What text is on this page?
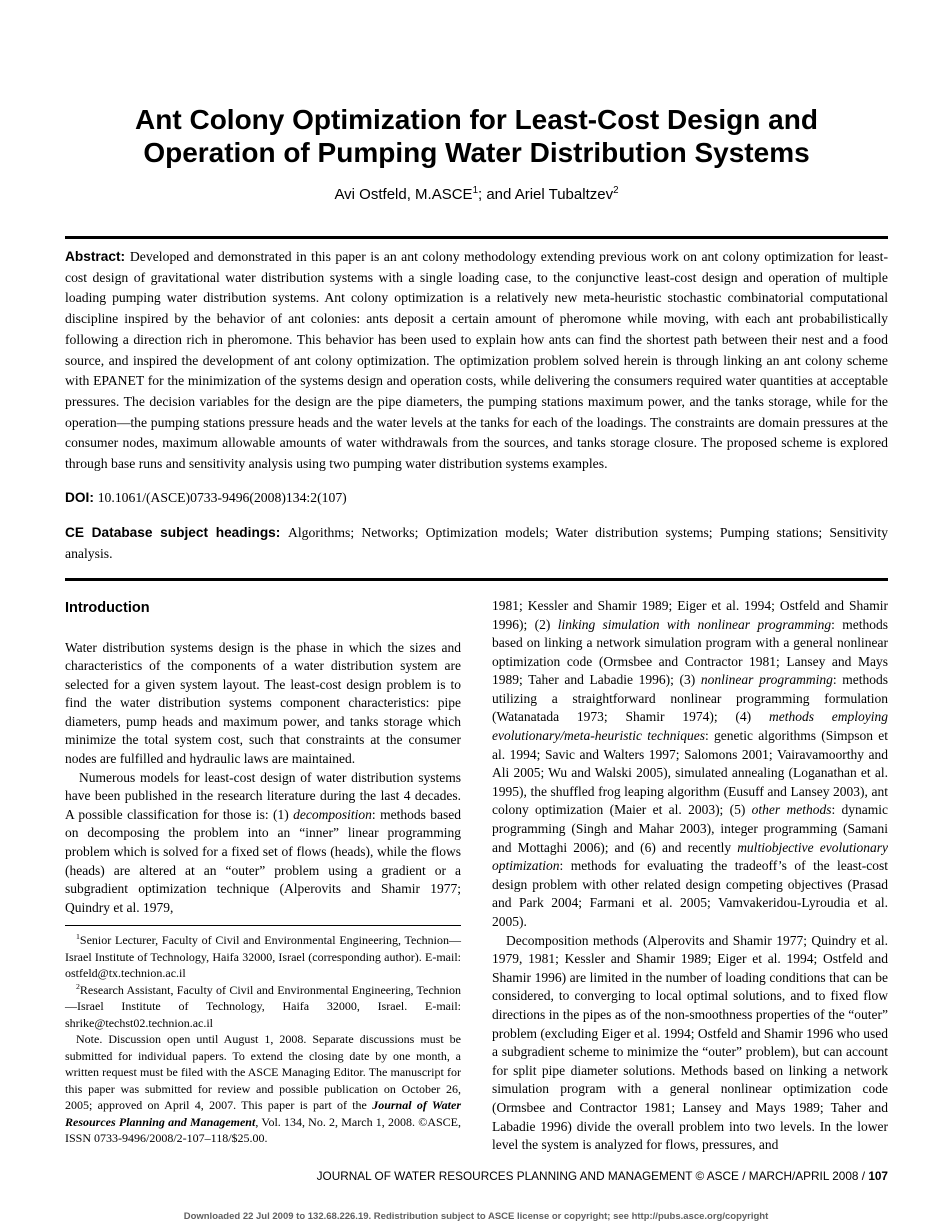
Ant Colony Optimization for Least-Cost Design and Operation of Pumping Water Distribution Systems
Avi Ostfeld, M.ASCE$^1$; and Ariel Tubaltzev$^2$

Abstract: Developed and demonstrated in this paper is an ant colony methodology extending previous work on ant colony optimization for least-cost design of gravitational water distribution systems with a single loading case, to the conjunctive least-cost design and operation of multiple loading pumping water distribution systems. Ant colony optimization is a relatively new meta-heuristic stochastic combinatorial computational discipline inspired by the behavior of ant colonies: ants deposit a certain amount of pheromone while moving, with each ant probabilistically following a direction rich in pheromone. This behavior has been used to explain how ants can find the shortest path between their nest and a food source, and inspired the development of ant colony optimization. The optimization problem solved herein is through linking an ant colony scheme with EPANET for the minimization of the systems design and operation costs, while delivering the consumers required water quantities at acceptable pressures. The decision variables for the design are the pipe diameters, the pumping stations maximum power, and the tanks storage, while for the operation—the pumping stations pressure heads and the water levels at the tanks for each of the loadings. The constraints are domain pressures at the consumer nodes, maximum allowable amounts of water withdrawals from the sources, and tanks storage closure. The proposed scheme is explored through base runs and sensitivity analysis using two pumping water distribution systems examples.

DOI: 10.1061/(ASCE)0733-9496(2008)134:2(107)

CE Database subject headings: Algorithms; Networks; Optimization models; Water distribution systems; Pumping stations; Sensitivity analysis.

Introduction

Water distribution systems design is the phase in which the sizes and characteristics of the components of a water distribution system are selected for a given system layout. The least-cost design problem is to find the water distribution systems component characteristics: pipe diameters, pump heads and maximum power, and tanks storage which minimize the total system cost, such that constraints at the consumer nodes are fulfilled and hydraulic laws are maintained.

Numerous models for least-cost design of water distribution systems have been published in the research literature during the last 4 decades. A possible classification for those is: (1) decomposition: methods based on decomposing the problem into an “inner” linear programming problem which is solved for a fixed set of flows (heads), while the flows (heads) are altered at an “outer” problem using a gradient or a subgradient optimization technique (Alperovits and Shamir 1977; Quindry et al. 1979,

$^1$Senior Lecturer, Faculty of Civil and Environmental Engineering, Technion—Israel Institute of Technology, Haifa 32000, Israel (corresponding author). E-mail: ostfeld@tx.technion.ac.il

$^2$Research Assistant, Faculty of Civil and Environmental Engineering, Technion—Israel Institute of Technology, Haifa 32000, Israel. E-mail: shrike@techst02.technion.ac.il

Note. Discussion open until August 1, 2008. Separate discussions must be submitted for individual papers. To extend the closing date by one month, a written request must be filed with the ASCE Managing Editor. The manuscript for this paper was submitted for review and possible publication on October 26, 2005; approved on April 4, 2007. This paper is part of the Journal of Water Resources Planning and Management, Vol. 134, No. 2, March 1, 2008. ©ASCE, ISSN 0733-9496/2008/2-107–118/$25.00.

1981; Kessler and Shamir 1989; Eiger et al. 1994; Ostfeld and Shamir 1996); (2) linking simulation with nonlinear programming: methods based on linking a network simulation program with a general nonlinear optimization code (Ormsbee and Contractor 1981; Lansey and Mays 1989; Taher and Labadie 1996); (3) nonlinear programming: methods utilizing a straightforward nonlinear programming formulation (Watanatada 1973; Shamir 1974); (4) methods employing evolutionary/meta-heuristic techniques: genetic algorithms (Simpson et al. 1994; Savic and Walters 1997; Salomons 2001; Vairavamoorthy and Ali 2005; Wu and Walski 2005), simulated annealing (Loganathan et al. 1995), the shuffled frog leaping algorithm (Eusuff and Lansey 2003), ant colony optimization (Maier et al. 2003); (5) other methods: dynamic programming (Singh and Mahar 2003), integer programming (Samani and Mottaghi 2006); and (6) and recently multiobjective evolutionary optimization: methods for evaluating the tradeoff’s of the least-cost design problem with other related design competing objectives (Prasad and Park 2004; Farmani et al. 2005; Vamvakeridou-Lyroudia et al. 2005).

Decomposition methods (Alperovits and Shamir 1977; Quindry et al. 1979, 1981; Kessler and Shamir 1989; Eiger et al. 1994; Ostfeld and Shamir 1996) are limited in the number of loading conditions that can be considered, to converging to local optimal solutions, and to fixed flow directions in the pipes as of the non-smoothness properties of the “outer” problem (excluding Eiger et al. 1994; Ostfeld and Shamir 1996 who used a subgradient scheme to minimize the “outer” problem), but can account for split pipe diameter solutions. Methods based on linking a network simulation program with a general nonlinear optimization code (Ormsbee and Contractor 1981; Lansey and Mays 1989; Taher and Labadie 1996) divide the overall problem into two levels. In the lower level the system is analyzed for flows, pressures, and

JOURNAL OF WATER RESOURCES PLANNING AND MANAGEMENT © ASCE / MARCH/APRIL 2008 / 107
Downloaded 22 Jul 2009 to 132.68.226.19. Redistribution subject to ASCE license or copyright; see http://pubs.asce.org/copyright
